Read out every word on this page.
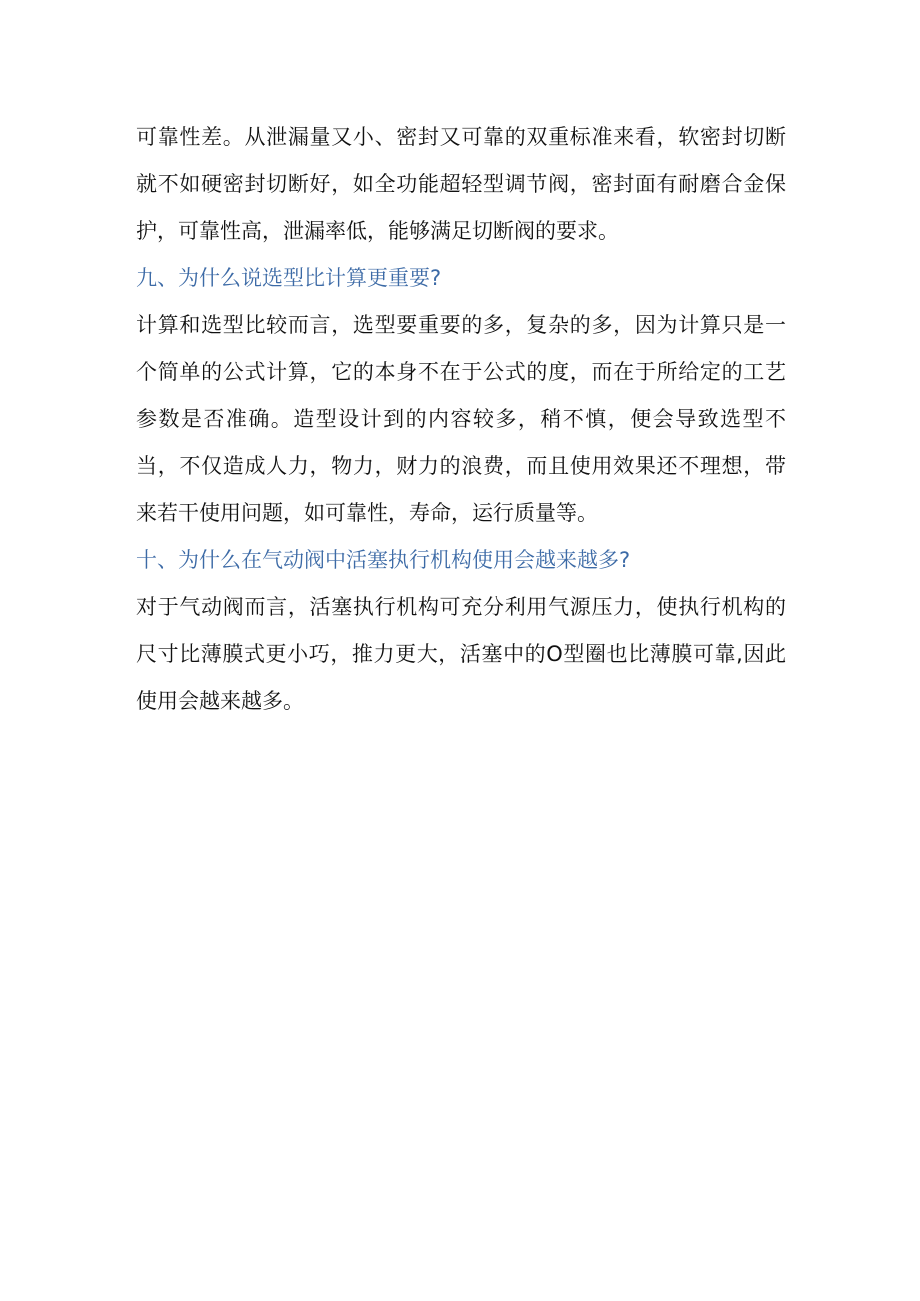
可靠性差。从泄漏量又小、密封又可靠的双重标准来看，软密封切断就不如硬密封切断好，如全功能超轻型调节阀，密封面有耐磨合金保护，可靠性高，泄漏率低，能够满足切断阀的要求。

九、为什么说选型比计算更重要?

计算和选型比较而言，选型要重要的多，复杂的多，因为计算只是一个简单的公式计算，它的本身不在于公式的度，而在于所给定的工艺参数是否准确。造型设计到的内容较多，稍不慎，便会导致选型不当，不仅造成人力，物力，财力的浪费，而且使用效果还不理想，带来若干使用问题，如可靠性，寿命，运行质量等。

十、为什么在气动阀中活塞执行机构使用会越来越多?

对于气动阀而言，活塞执行机构可充分利用气源压力，使执行机构的尺寸比薄膜式更小巧，推力更大，活塞中的O型圈也比薄膜可靠,因此使用会越来越多。
